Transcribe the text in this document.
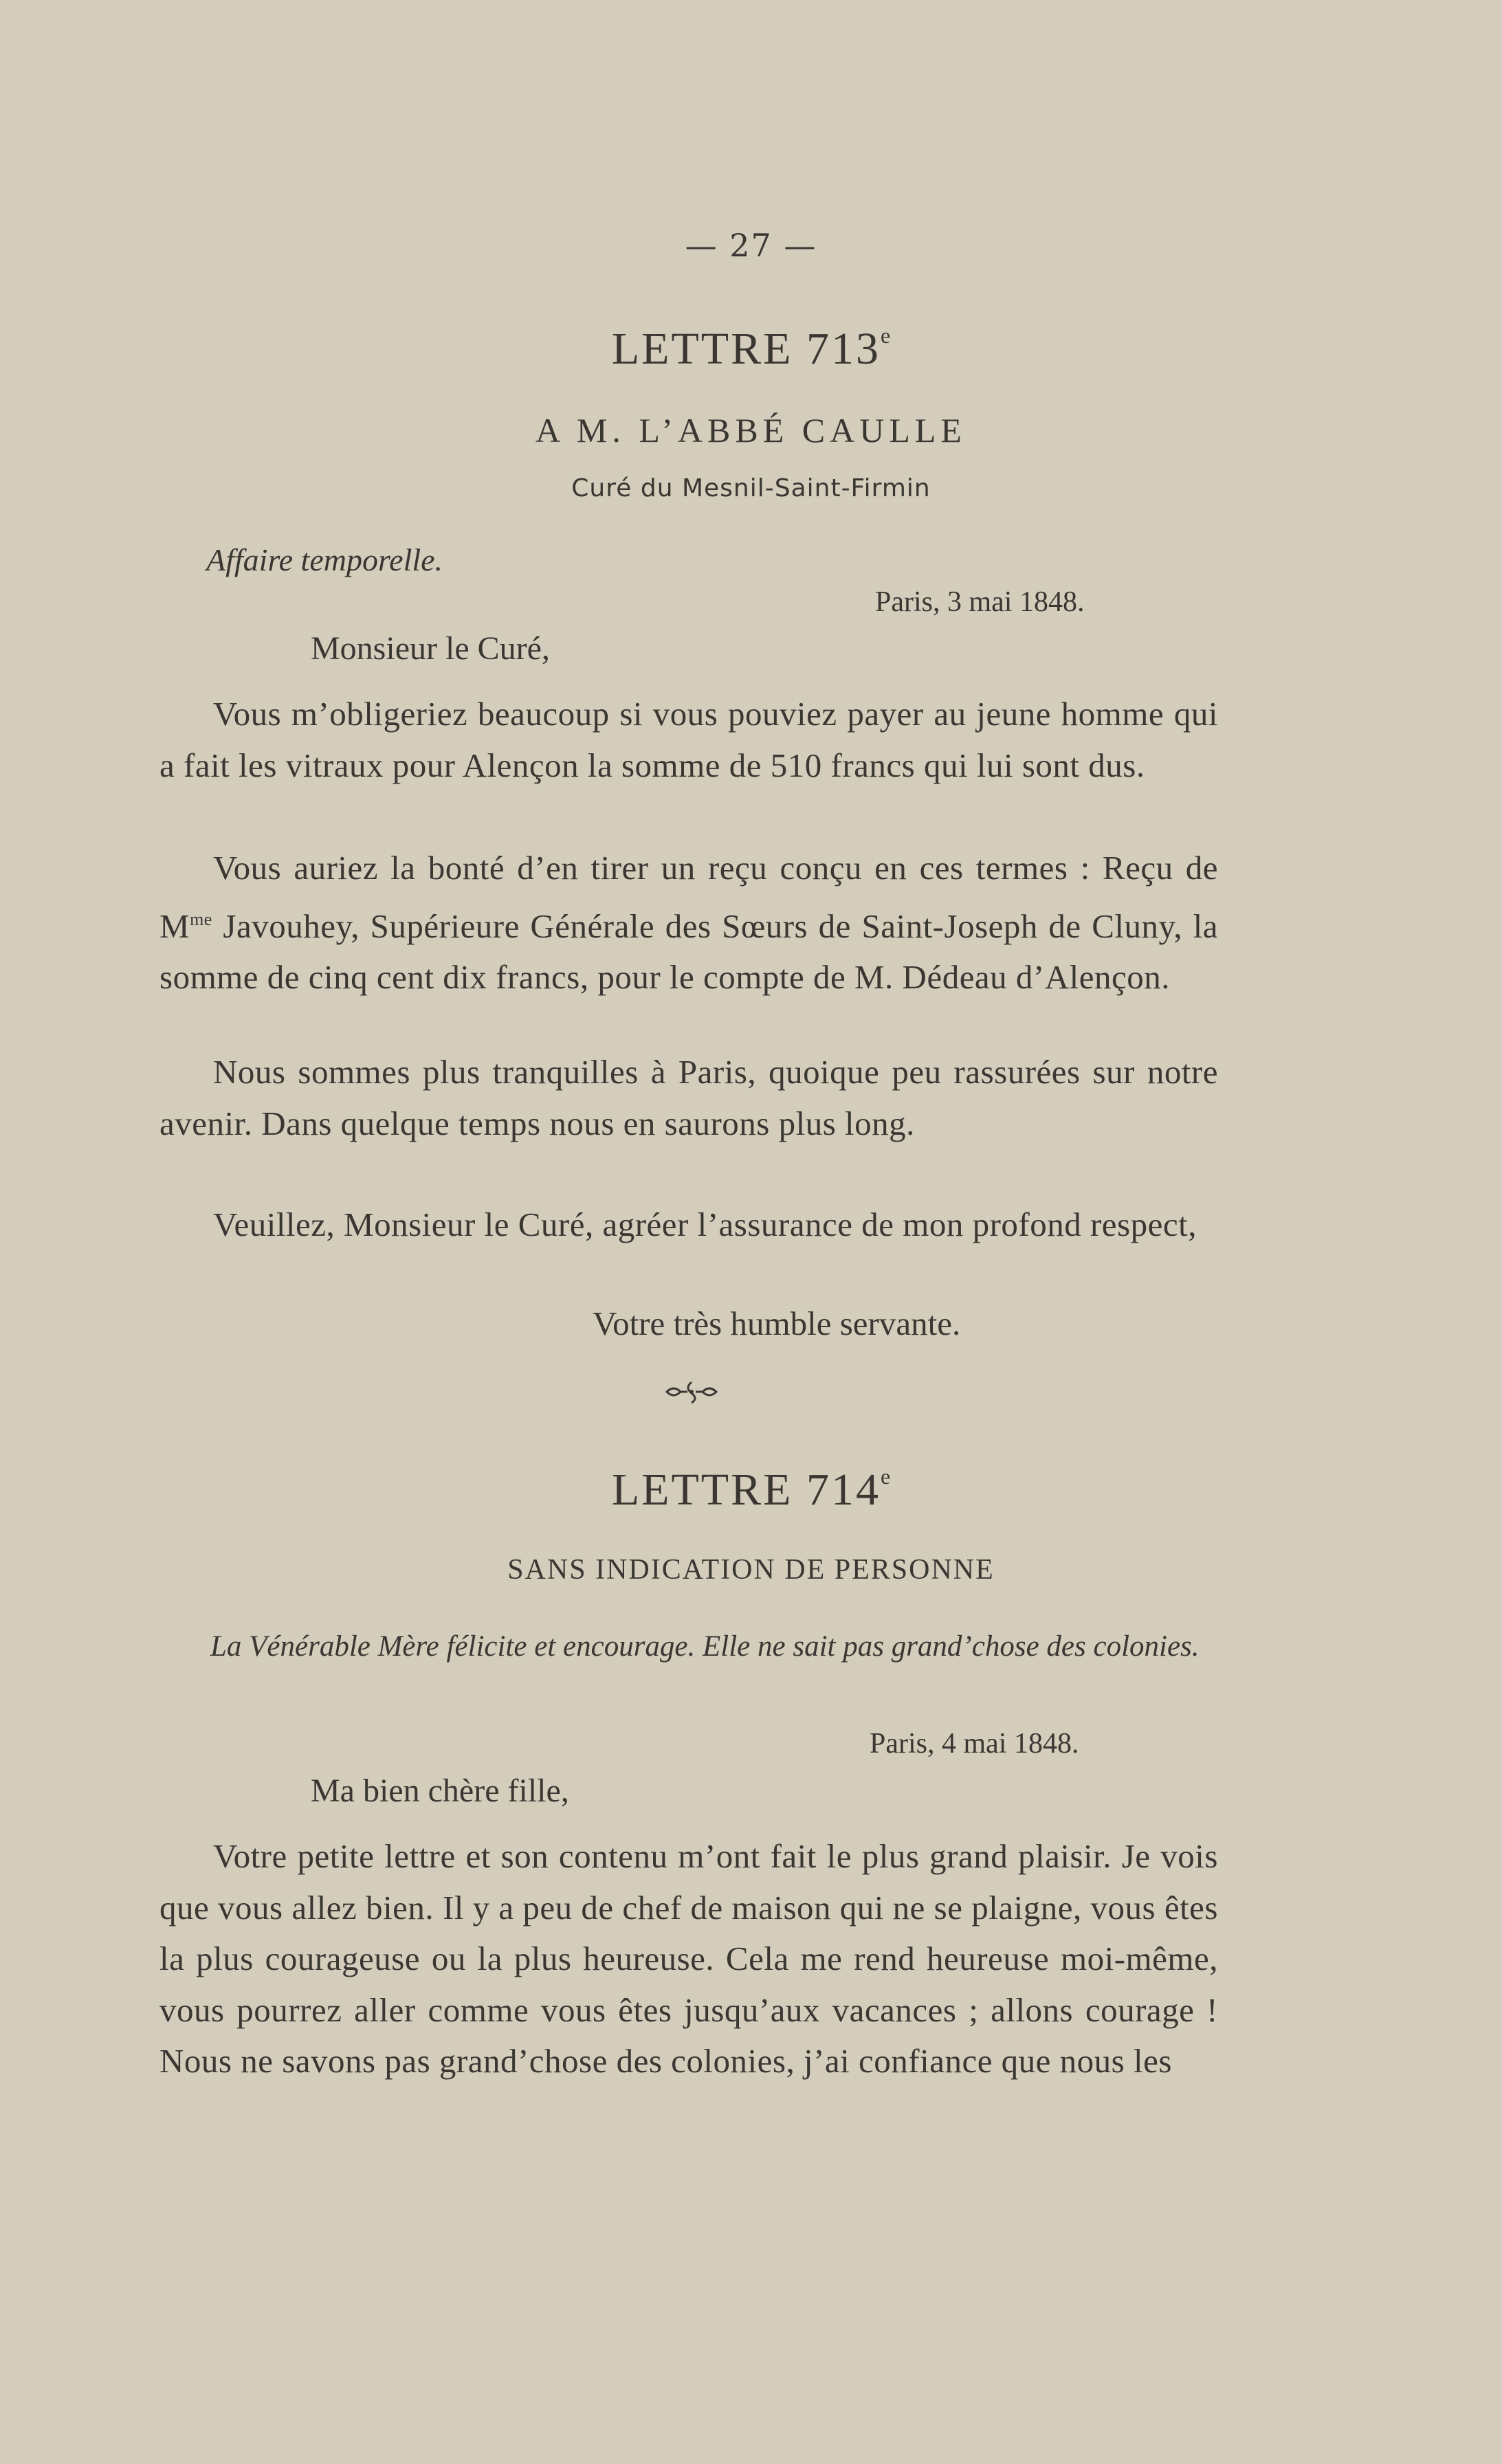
— 27 —
LETTRE 713e
A M. L’ABBÉ CAULLE
Curé du Mesnil-Saint-Firmin
Affaire temporelle.
Paris, 3 mai 1848.
Monsieur le Curé,

Vous m’obligeriez beaucoup si vous pouviez payer au jeune homme qui a fait les vitraux pour Alençon la somme de 510 francs qui lui sont dus.

Vous auriez la bonté d’en tirer un reçu conçu en ces termes : Reçu de $M^{me}$ Javouhey, Supérieure Générale des Sœurs de Saint-Joseph de Cluny, la somme de cinq cent dix francs, pour le compte de M. Dédeau d’Alençon.

Nous sommes plus tranquilles à Paris, quoique peu rassurées sur notre avenir. Dans quelque temps nous en saurons plus long.

Veuillez, Monsieur le Curé, agréer l’assurance de mon profond respect,

Votre très humble servante.
LETTRE 714e
SANS INDICATION DE PERSONNE

La Vénérable Mère félicite et encourage. Elle ne sait pas grand’chose des colonies.

Paris, 4 mai 1848.
Ma bien chère fille,

Votre petite lettre et son contenu m’ont fait le plus grand plaisir. Je vois que vous allez bien. Il y a peu de chef de maison qui ne se plaigne, vous êtes la plus courageuse ou la plus heureuse. Cela me rend heureuse moi-même, vous pourrez aller comme vous êtes jusqu’aux vacances ; allons courage ! Nous ne savons pas grand’chose des colonies, j’ai confiance que nous les
